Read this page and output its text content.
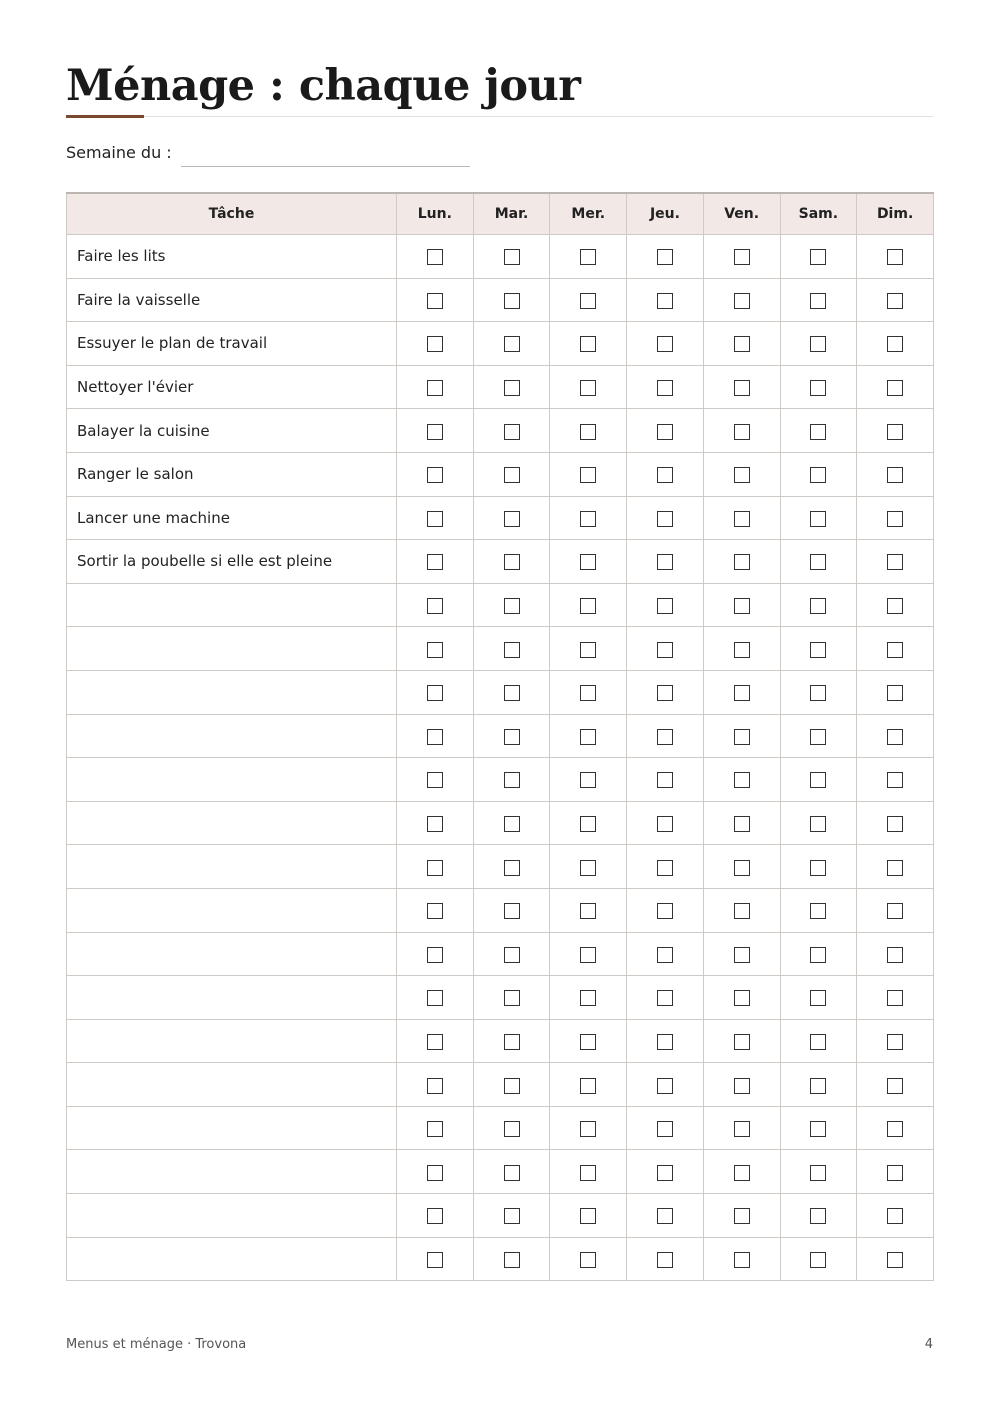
Ménage : chaque jour
Semaine du :
Tâche	Lun.	Mar.	Mer.	Jeu.	Ven.	Sam.	Dim.
Faire les lits							
Faire la vaisselle							
Essuyer le plan de travail							
Nettoyer l'évier							
Balayer la cuisine							
Ranger le salon							
Lancer une machine							
Sortir la poubelle si elle est pleine							

Menus et ménage · Trovona	4
